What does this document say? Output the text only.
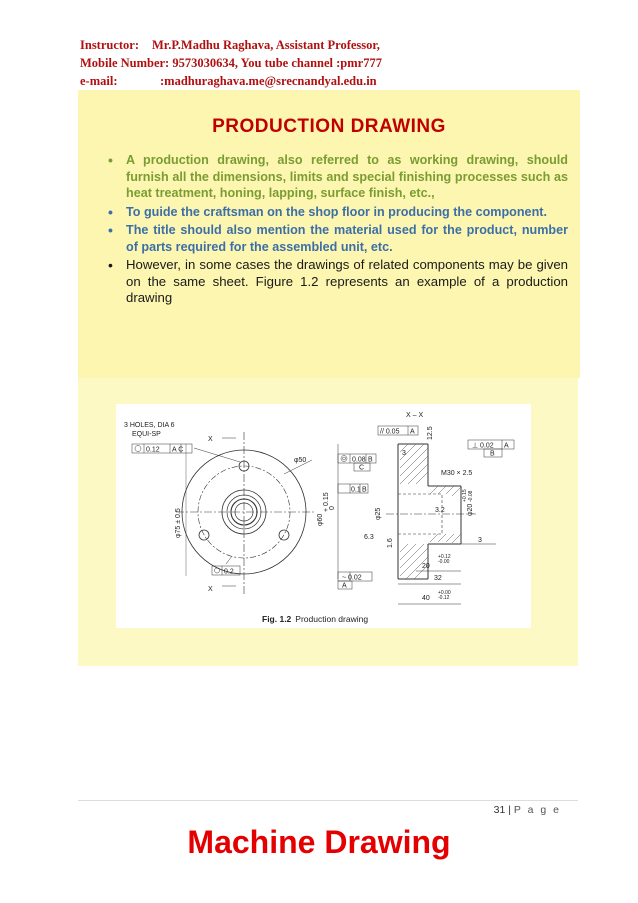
Instructor: Mr.P.Madhu Raghava, Assistant Professor,
Mobile Number: 9573030634, You tube channel :pmr777
e-mail:	:madhuraghava.me@srecnandyal.edu.in
PRODUCTION DRAWING
• A production drawing, also referred to as working drawing, should furnish all the dimensions, limits and special finishing processes such as heat treatment, honing, lapping, surface finish, etc.,
• To guide the craftsman on the shop floor in producing the component.
• The title should also mention the material used for the product, number of parts required for the assembled unit, etc.
• However, in some cases the drawings of related components may be given on the same sheet. Figure 1.2 represents an example of a production drawing
3 HOLES, DIA 6
EQUI-SP
0.12 A C
X
X
φ50
φ75 ± 0.5
0.2
X – X
// 0.05 A 12.5
3
⊥ 0.02 A
B
M30 × 2.5
0.08 B
C
0.1 B
φ60
+ 0.15 0	φ25	3.2
1.6
6.3
φ20
+0.15 -0.08
3
20
+0.12
-0.00
32
~ 0.02
A
40
+0.00
-0.12
Fig. 1.2 Production drawing
31 | P a g e
Machine Drawing
